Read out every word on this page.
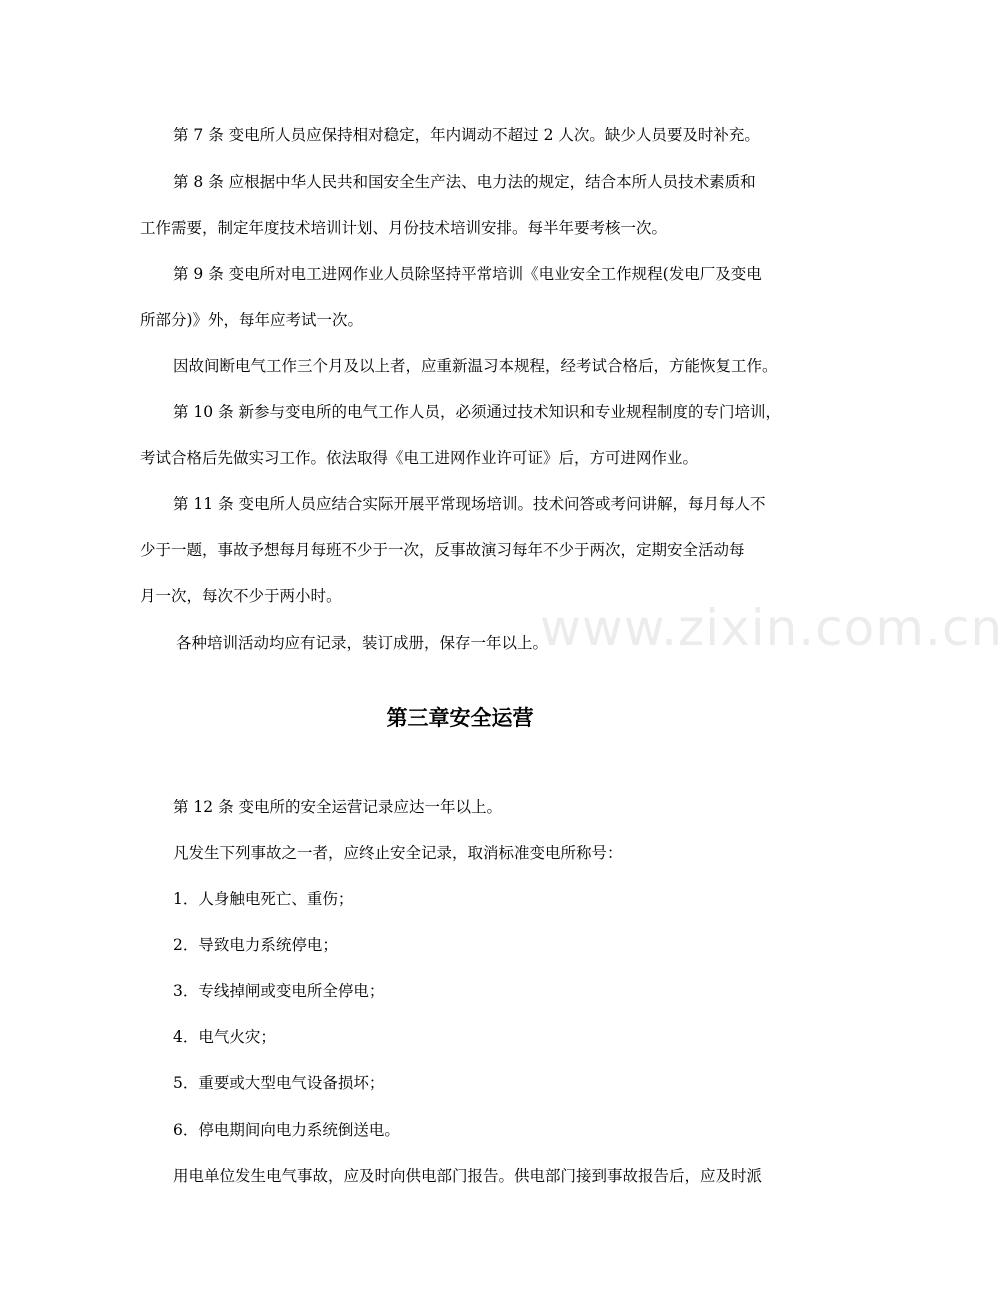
第 7 条 变电所人员应保持相对稳定，年内调动不超过 2 人次。缺少人员要及时补充。
第 8 条 应根据中华人民共和国安全生产法、电力法的规定，结合本所人员技术素质和
工作需要，制定年度技术培训计划、月份技术培训安排。每半年要考核一次。
第 9 条 变电所对电工进网作业人员除坚持平常培训《电业安全工作规程(发电厂及变电
所部分)》外，每年应考试一次。
因故间断电气工作三个月及以上者，应重新温习本规程，经考试合格后，方能恢复工作。
第 10 条 新参与变电所的电气工作人员，必须通过技术知识和专业规程制度的专门培训，
考试合格后先做实习工作。依法取得《电工进网作业许可证》后，方可进网作业。
第 11 条 变电所人员应结合实际开展平常现场培训。技术问答或考问讲解，每月每人不
少于一题，事故予想每月每班不少于一次，反事故演习每年不少于两次，定期安全活动每
月一次，每次不少于两小时。
各种培训活动均应有记录，装订成册，保存一年以上。
第三章安全运营
第 12 条 变电所的安全运营记录应达一年以上。
凡发生下列事故之一者，应终止安全记录，取消标准变电所称号：
1．人身触电死亡、重伤；
2．导致电力系统停电；
3．专线掉闸或变电所全停电；
4．电气火灾；
5．重要或大型电气设备损坏；
6．停电期间向电力系统倒送电。
用电单位发生电气事故，应及时向供电部门报告。供电部门接到事故报告后，应及时派
www.zixin.com.cn
